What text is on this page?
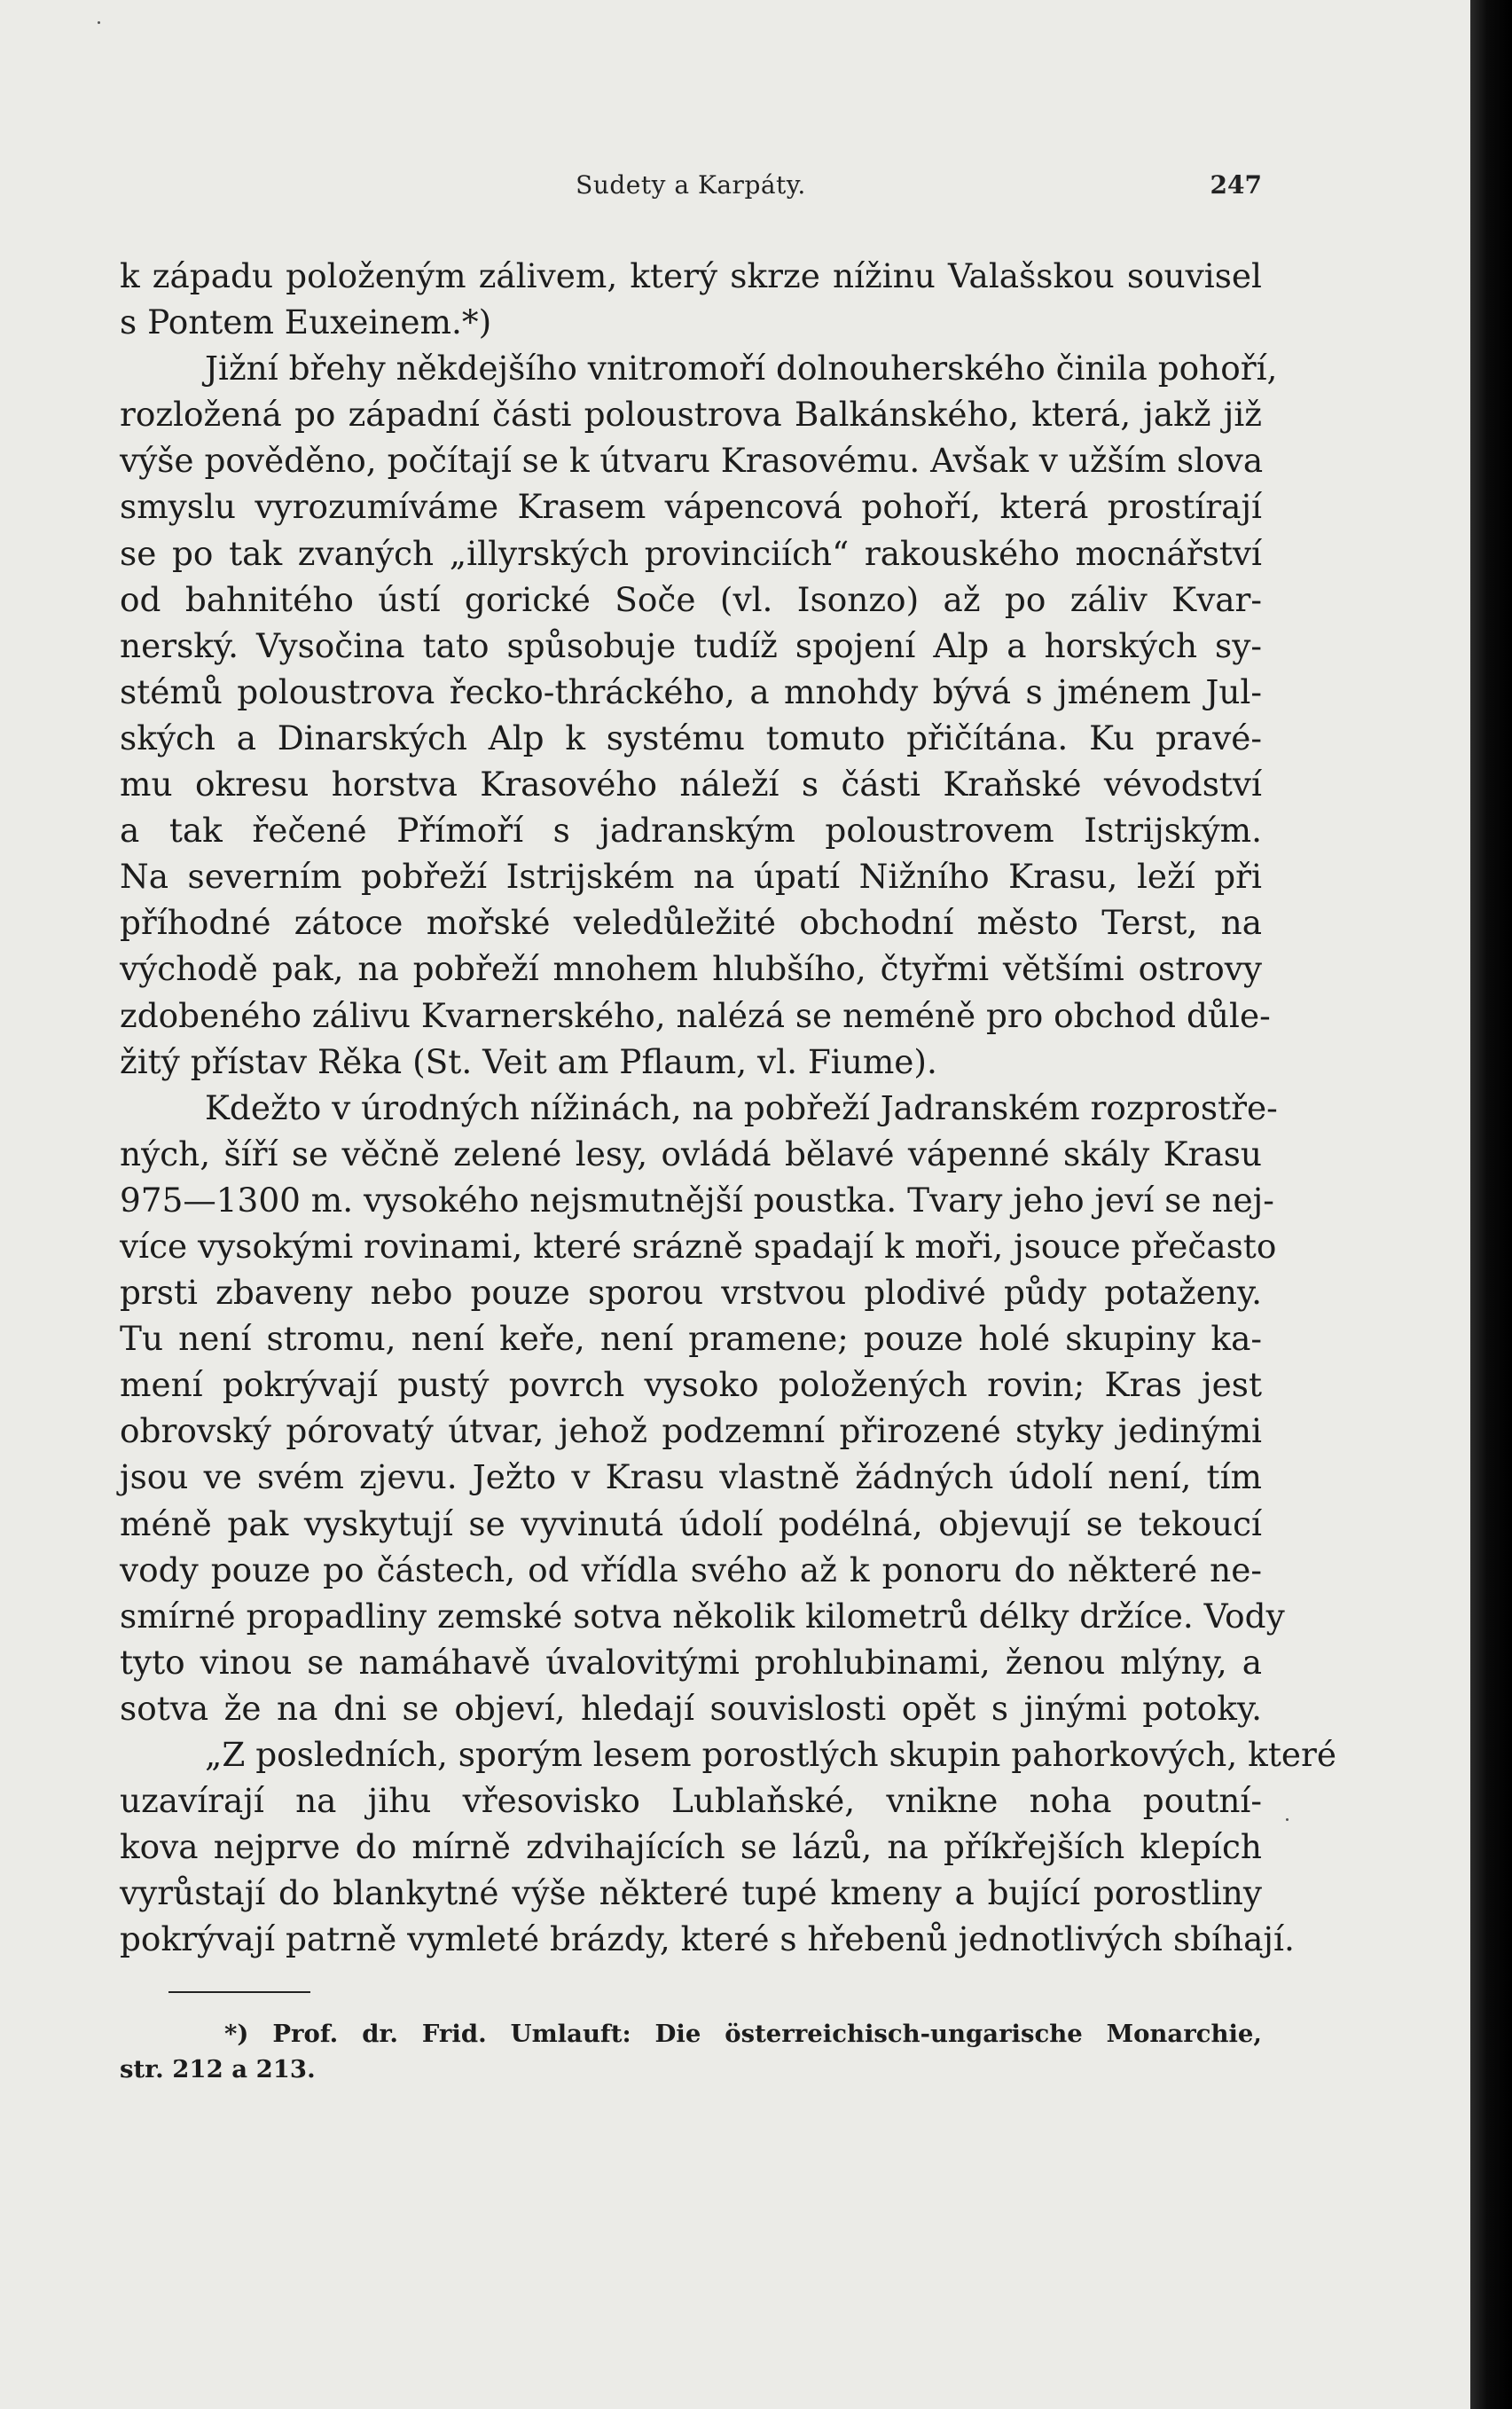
Sudety a Karpáty.	247
k západu položeným zálivem, který skrze nížinu Valašskou souvisel
s Pontem Euxeinem.*)
Jižní břehy někdejšího vnitromoří dolnouherského činila pohoří,
rozložená po západní části poloustrova Balkánského, která, jakž již
výše pověděno, počítají se k útvaru Krasovému. Avšak v užším slova
smyslu vyrozumíváme Krasem vápencová pohoří, která prostírají
se po tak zvaných „illyrských provinciích“ rakouského mocnářství
od bahnitého ústí gorické Soče (vl. Isonzo) až po záliv Kvar-
nerský. Vysočina tato spůsobuje tudíž spojení Alp a horských sy-
stémů poloustrova řecko-thráckého, a mnohdy bývá s jménem Jul-
ských a Dinarských Alp k systému tomuto přičítána. Ku pravé-
mu okresu horstva Krasového náleží s části Kraňské vévodství
a tak řečené Přímoří s jadranským poloustrovem Istrijským.
Na severním pobřeží Istrijském na úpatí Nižního Krasu, leží při
příhodné zátoce mořské veledůležité obchodní město Terst, na
východě pak, na pobřeží mnohem hlubšího, čtyřmi většími ostrovy
zdobeného zálivu Kvarnerského, nalézá se neméně pro obchod důle-
žitý přístav Rěka (St. Veit am Pflaum, vl. Fiume).
Kdežto v úrodných nížinách, na pobřeží Jadranském rozprostře-
ných, šíří se věčně zelené lesy, ovládá bělavé vápenné skály Krasu
975—1300 m. vysokého nejsmutnější poustka. Tvary jeho jeví se nej-
více vysokými rovinami, které srázně spadají k moři, jsouce přečasto
prsti zbaveny nebo pouze sporou vrstvou plodivé půdy potaženy.
Tu není stromu, není keře, není pramene; pouze holé skupiny ka-
mení pokrývají pustý povrch vysoko položených rovin; Kras jest
obrovský pórovatý útvar, jehož podzemní přirozené styky jedinými
jsou ve svém zjevu. Ježto v Krasu vlastně žádných údolí není, tím
méně pak vyskytují se vyvinutá údolí podélná, objevují se tekoucí
vody pouze po částech, od vřídla svého až k ponoru do některé ne-
smírné propadliny zemské sotva několik kilometrů délky držíce. Vody
tyto vinou se namáhavě úvalovitými prohlubinami, ženou mlýny, a
sotva že na dni se objeví, hledají souvislosti opět s jinými potoky.
„Z posledních, sporým lesem porostlých skupin pahorkových, které
uzavírají na jihu vřesovisko Lublaňské, vnikne noha poutní-
kova nejprve do mírně zdvihajících se lázů, na příkřejších klepích
vyrůstají do blankytné výše některé tupé kmeny a bující porostliny
pokrývají patrně vymleté brázdy, které s hřebenů jednotlivých sbíhají.
*) Prof. dr. Frid. Umlauft: Die österreichisch-ungarische Monarchie,
str. 212 a 213.
